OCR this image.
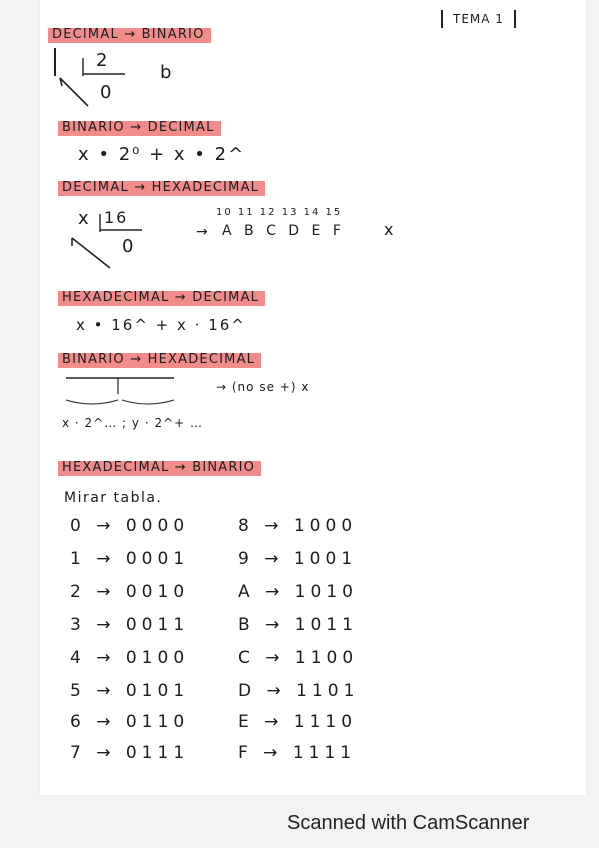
TEMA 1
DECIMAL → BINARIO
2
0
b
BINARIO → DECIMAL
x • 2⁰ + x • 2^
DECIMAL → HEXADECIMAL
x 16
0
10 11 12 13 14 15
→ A B C D E F x
HEXADECIMAL → DECIMAL
x • 16^ + x · 16^
BINARIO → HEXADECIMAL
→ (no se +) x
x · 2^… ; y · 2^+ …
HEXADECIMAL → BINARIO
Mirar tabla.
0 → 0000	8 → 1000
1 → 0001	9 → 1001
2 → 0010	A → 1010
3 → 0011	B → 1011
4 → 0100	C → 1100
5 → 0101	D → 1101
6 → 0110	E → 1110
7 → 0111	F → 1111
Scanned with CamScanner
